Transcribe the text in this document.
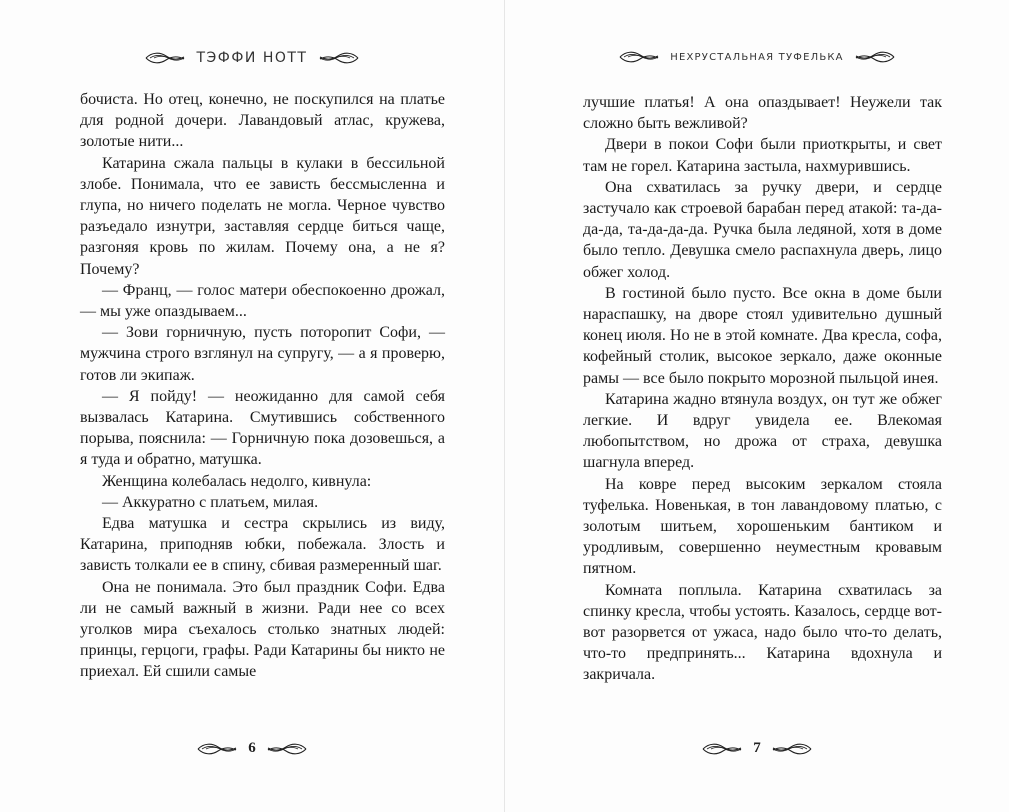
ТЭФФИ НОТТ

бочиста. Но отец, конечно, не поскупился на платье для родной дочери. Лавандовый атлас, кружева, золотые нити...

Катарина сжала пальцы в кулаки в бессильной злобе. Понимала, что ее зависть бессмысленна и глупа, но ничего поделать не могла. Черное чувство разъедало изнутри, заставляя сердце биться чаще, разгоняя кровь по жилам. Почему она, а не я? Почему?

— Франц, — голос матери обеспокоенно дрожал, — мы уже опаздываем...

— Зови горничную, пусть поторопит Софи, — мужчина строго взглянул на супругу, — а я проверю, готов ли экипаж.

— Я пойду! — неожиданно для самой себя вызвалась Катарина. Смутившись собственного порыва, пояснила: — Горничную пока дозовешься, а я туда и обратно, матушка.

Женщина колебалась недолго, кивнула:

— Аккуратно с платьем, милая.

Едва матушка и сестра скрылись из виду, Катарина, приподняв юбки, побежала. Злость и зависть толкали ее в спину, сбивая размеренный шаг.

Она не понимала. Это был праздник Софи. Едва ли не самый важный в жизни. Ради нее со всех уголков мира съехалось столько знатных людей: принцы, герцоги, графы. Ради Катарины бы никто не приехал. Ей сшили самые

6
НЕХРУСТАЛЬНАЯ ТУФЕЛЬКА

лучшие платья! А она опаздывает! Неужели так сложно быть вежливой?

Двери в покои Софи были приоткрыты, и свет там не горел. Катарина застыла, нахмурившись.

Она схватилась за ручку двери, и сердце застучало как строевой барабан перед атакой: та-да-да-да, та-да-да-да. Ручка была ледяной, хотя в доме было тепло. Девушка смело распахнула дверь, лицо обжег холод.

В гостиной было пусто. Все окна в доме были нараспашку, на дворе стоял удивительно душный конец июля. Но не в этой комнате. Два кресла, софа, кофейный столик, высокое зеркало, даже оконные рамы — все было покрыто морозной пыльцой инея.

Катарина жадно втянула воздух, он тут же обжег легкие. И вдруг увидела ее. Влекомая любопытством, но дрожа от страха, девушка шагнула вперед.

На ковре перед высоким зеркалом стояла туфелька. Новенькая, в тон лавандовому платью, с золотым шитьем, хорошеньким бантиком и уродливым, совершенно неуместным кровавым пятном.

Комната поплыла. Катарина схватилась за спинку кресла, чтобы устоять. Казалось, сердце вот-вот разорвется от ужаса, надо было что-то делать, что-то предпринять... Катарина вдохнула и закричала.

7
